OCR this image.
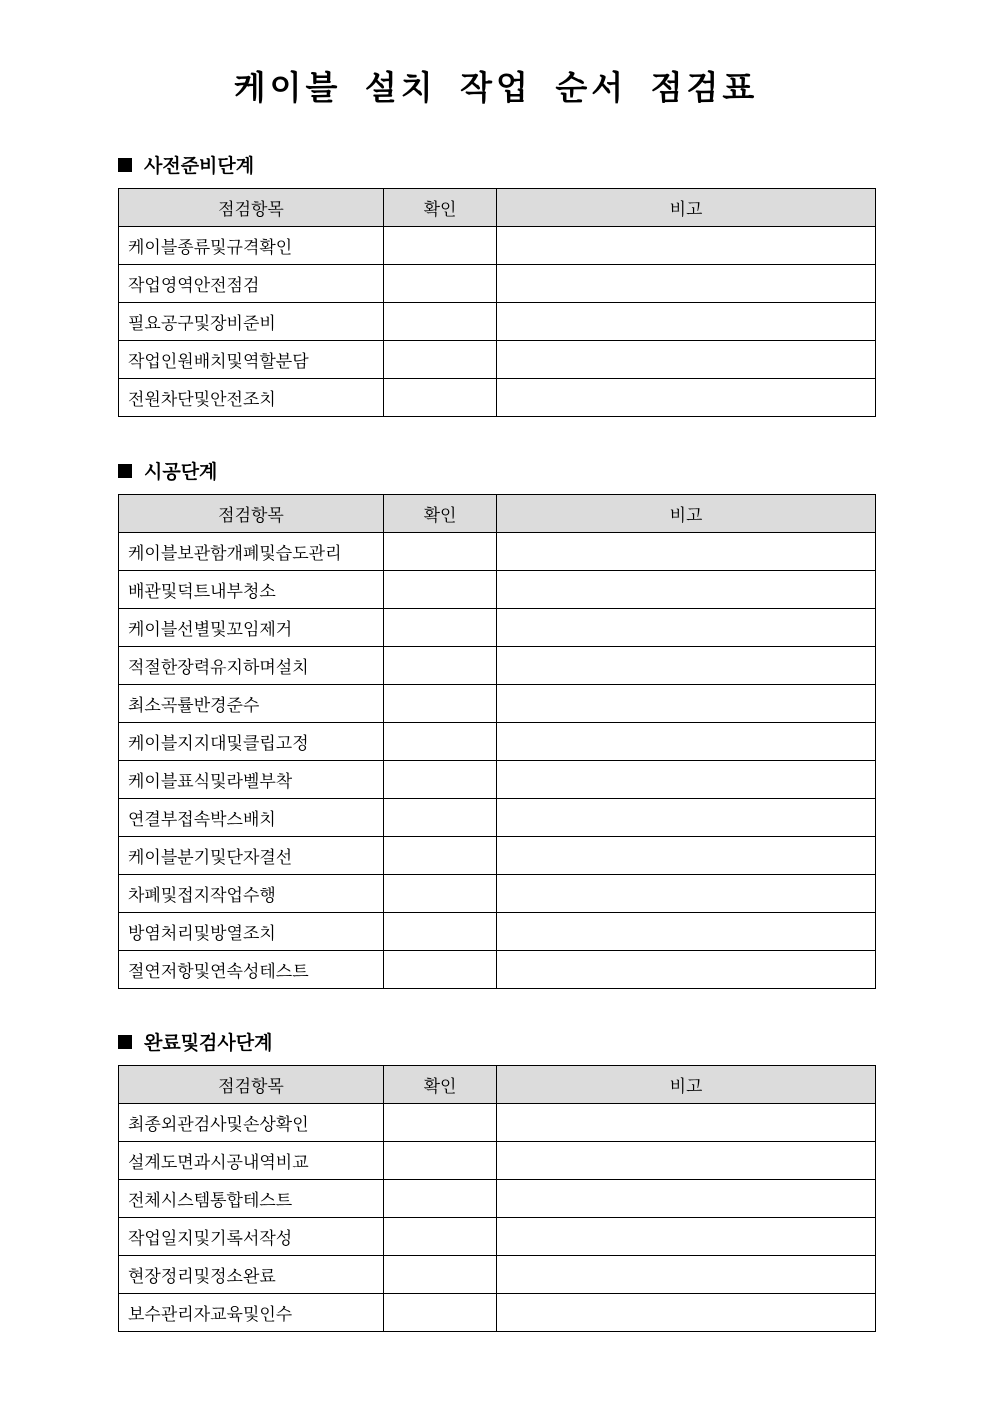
케이블 설치 작업 순서 점검표
사전준비단계
점검항목	확인	비고
케이블종류및규격확인		
작업영역안전점검		
필요공구및장비준비		
작업인원배치및역할분담		
전원차단및안전조치		
시공단계
점검항목	확인	비고
케이블보관함개폐및습도관리		
배관및덕트내부청소		
케이블선별및꼬임제거		
적절한장력유지하며설치		
최소곡률반경준수		
케이블지지대및클립고정		
케이블표식및라벨부착		
연결부접속박스배치		
케이블분기및단자결선		
차폐및접지작업수행		
방염처리및방열조치		
절연저항및연속성테스트		
완료및검사단계
점검항목	확인	비고
최종외관검사및손상확인		
설계도면과시공내역비교		
전체시스템통합테스트		
작업일지및기록서작성		
현장정리및정소완료		
보수관리자교육및인수		
